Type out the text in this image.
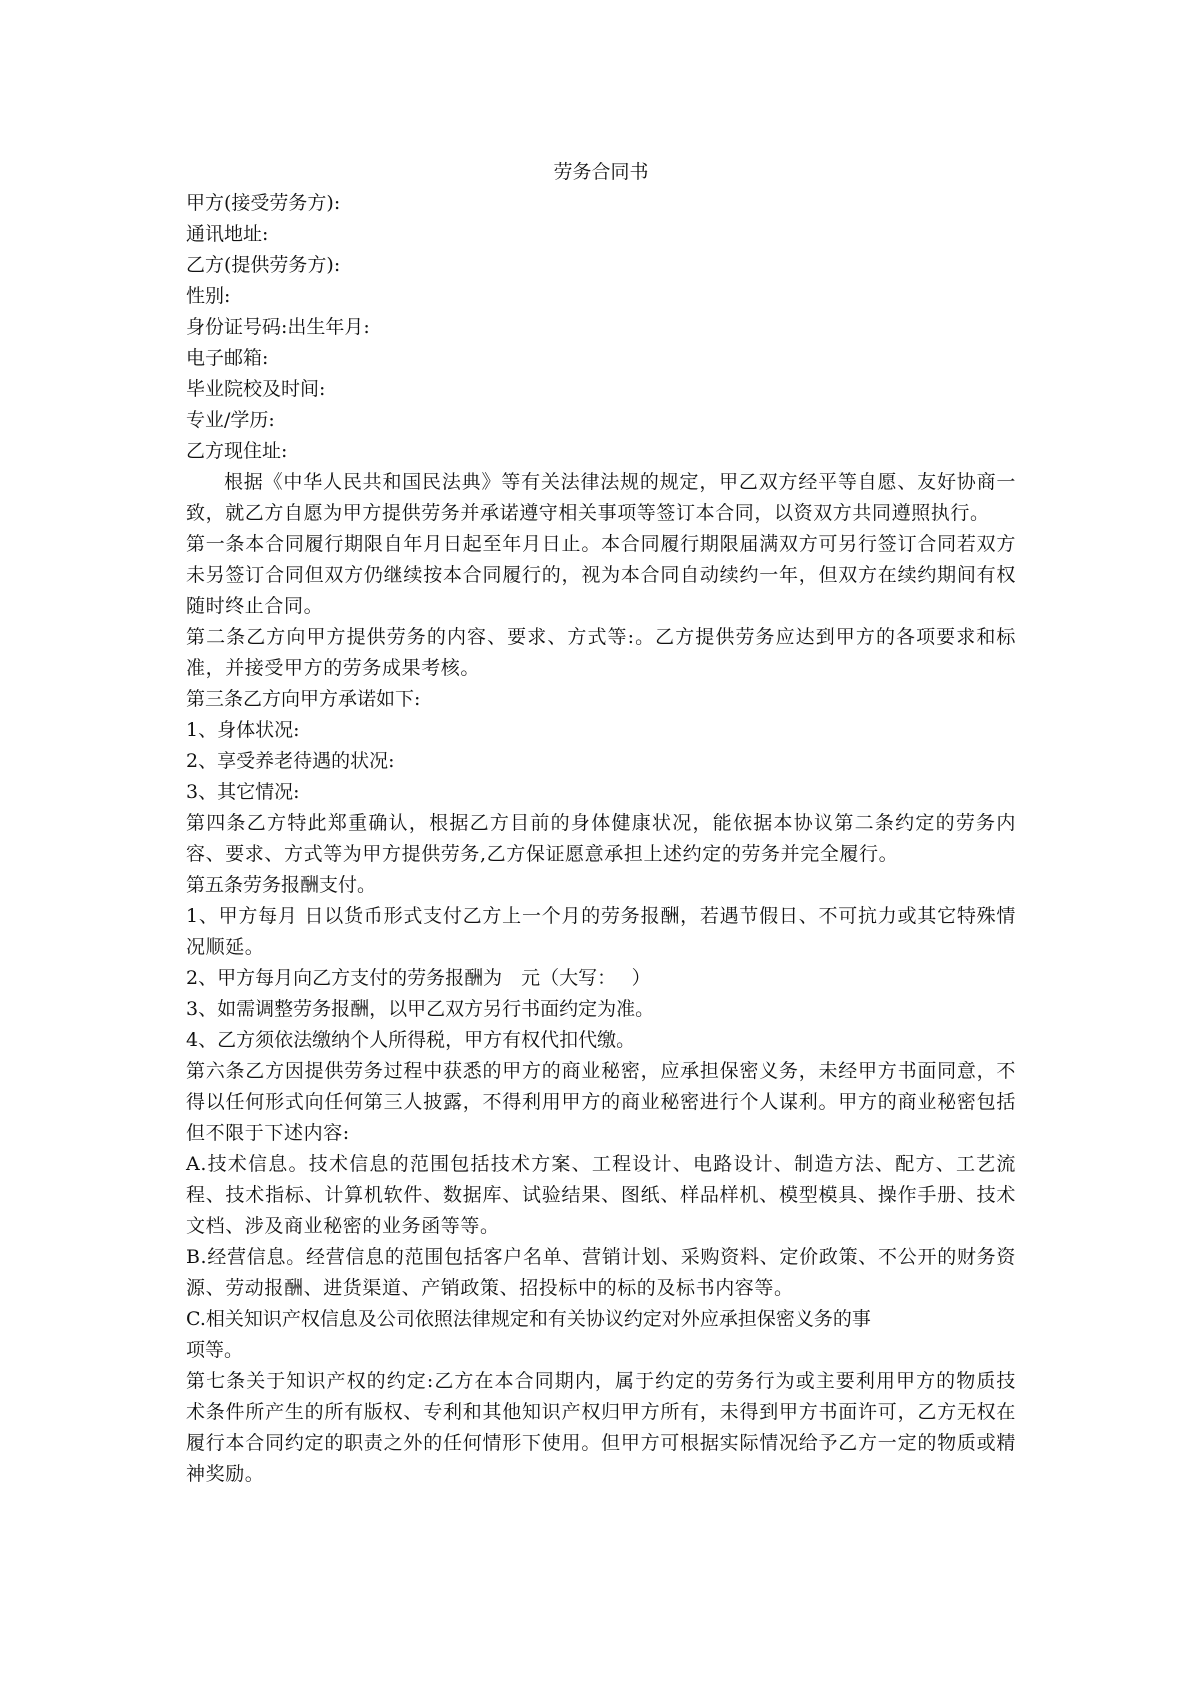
劳务合同书
甲方(接受劳务方):
通讯地址:
乙方(提供劳务方):
性别:
身份证号码:出生年月:
电子邮箱:
毕业院校及时间:
专业/学历:
乙方现住址:
根据《中华人民共和国民法典》等有关法律法规的规定，甲乙双方经平等自愿、友好协商一致，就乙方自愿为甲方提供劳务并承诺遵守相关事项等签订本合同，以资双方共同遵照执行。
第一条本合同履行期限自年月日起至年月日止。本合同履行期限届满双方可另行签订合同若双方未另签订合同但双方仍继续按本合同履行的，视为本合同自动续约一年，但双方在续约期间有权随时终止合同。
第二条乙方向甲方提供劳务的内容、要求、方式等:。乙方提供劳务应达到甲方的各项要求和标准，并接受甲方的劳务成果考核。
第三条乙方向甲方承诺如下:
1、身体状况:
2、享受养老待遇的状况:
3、其它情况:
第四条乙方特此郑重确认，根据乙方目前的身体健康状况，能依据本协议第二条约定的劳务内容、要求、方式等为甲方提供劳务,乙方保证愿意承担上述约定的劳务并完全履行。
第五条劳务报酬支付。
1、甲方每月 日以货币形式支付乙方上一个月的劳务报酬，若遇节假日、不可抗力或其它特殊情况顺延。
2、甲方每月向乙方支付的劳务报酬为　元（大写：　 ）
3、如需调整劳务报酬，以甲乙双方另行书面约定为准。
4、乙方须依法缴纳个人所得税，甲方有权代扣代缴。
第六条乙方因提供劳务过程中获悉的甲方的商业秘密，应承担保密义务，未经甲方书面同意，不得以任何形式向任何第三人披露，不得利用甲方的商业秘密进行个人谋利。甲方的商业秘密包括但不限于下述内容:
A.技术信息。技术信息的范围包括技术方案、工程设计、电路设计、制造方法、配方、工艺流程、技术指标、计算机软件、数据库、试验结果、图纸、样品样机、模型模具、操作手册、技术文档、涉及商业秘密的业务函等等。
B.经营信息。经营信息的范围包括客户名单、营销计划、采购资料、定价政策、不公开的财务资源、劳动报酬、进货渠道、产销政策、招投标中的标的及标书内容等。
C.相关知识产权信息及公司依照法律规定和有关协议约定对外应承担保密义务的事
项等。
第七条关于知识产权的约定:乙方在本合同期内，属于约定的劳务行为或主要利用甲方的物质技术条件所产生的所有版权、专利和其他知识产权归甲方所有，未得到甲方书面许可，乙方无权在履行本合同约定的职责之外的任何情形下使用。但甲方可根据实际情况给予乙方一定的物质或精神奖励。
